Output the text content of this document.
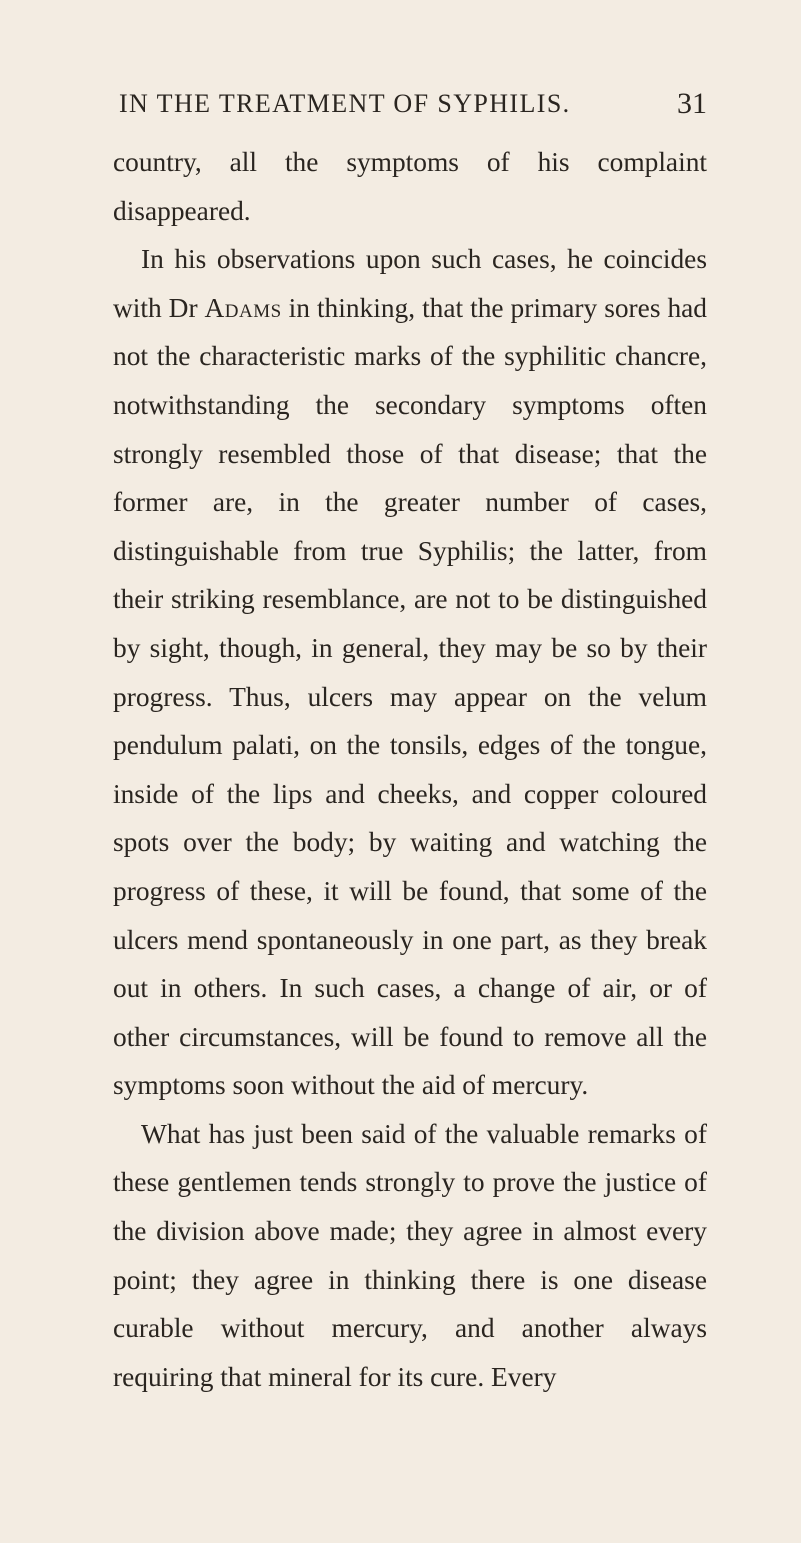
IN THE TREATMENT OF SYPHILIS.	31

country, all the symptoms of his complaint disappeared.

In his observations upon such cases, he coincides with Dr Adams in thinking, that the primary sores had not the characteristic marks of the syphilitic chancre, notwithstanding the secondary symptoms often strongly resembled those of that disease; that the former are, in the greater number of cases, distinguishable from true Syphilis; the latter, from their striking resemblance, are not to be distinguished by sight, though, in general, they may be so by their progress. Thus, ulcers may appear on the velum pendulum palati, on the tonsils, edges of the tongue, inside of the lips and cheeks, and copper coloured spots over the body; by waiting and watching the progress of these, it will be found, that some of the ulcers mend spontaneously in one part, as they break out in others. In such cases, a change of air, or of other circumstances, will be found to remove all the symptoms soon without the aid of mercury.

What has just been said of the valuable remarks of these gentlemen tends strongly to prove the justice of the division above made; they agree in almost every point; they agree in thinking there is one disease curable without mercury, and another always requiring that mineral for its cure. Every
